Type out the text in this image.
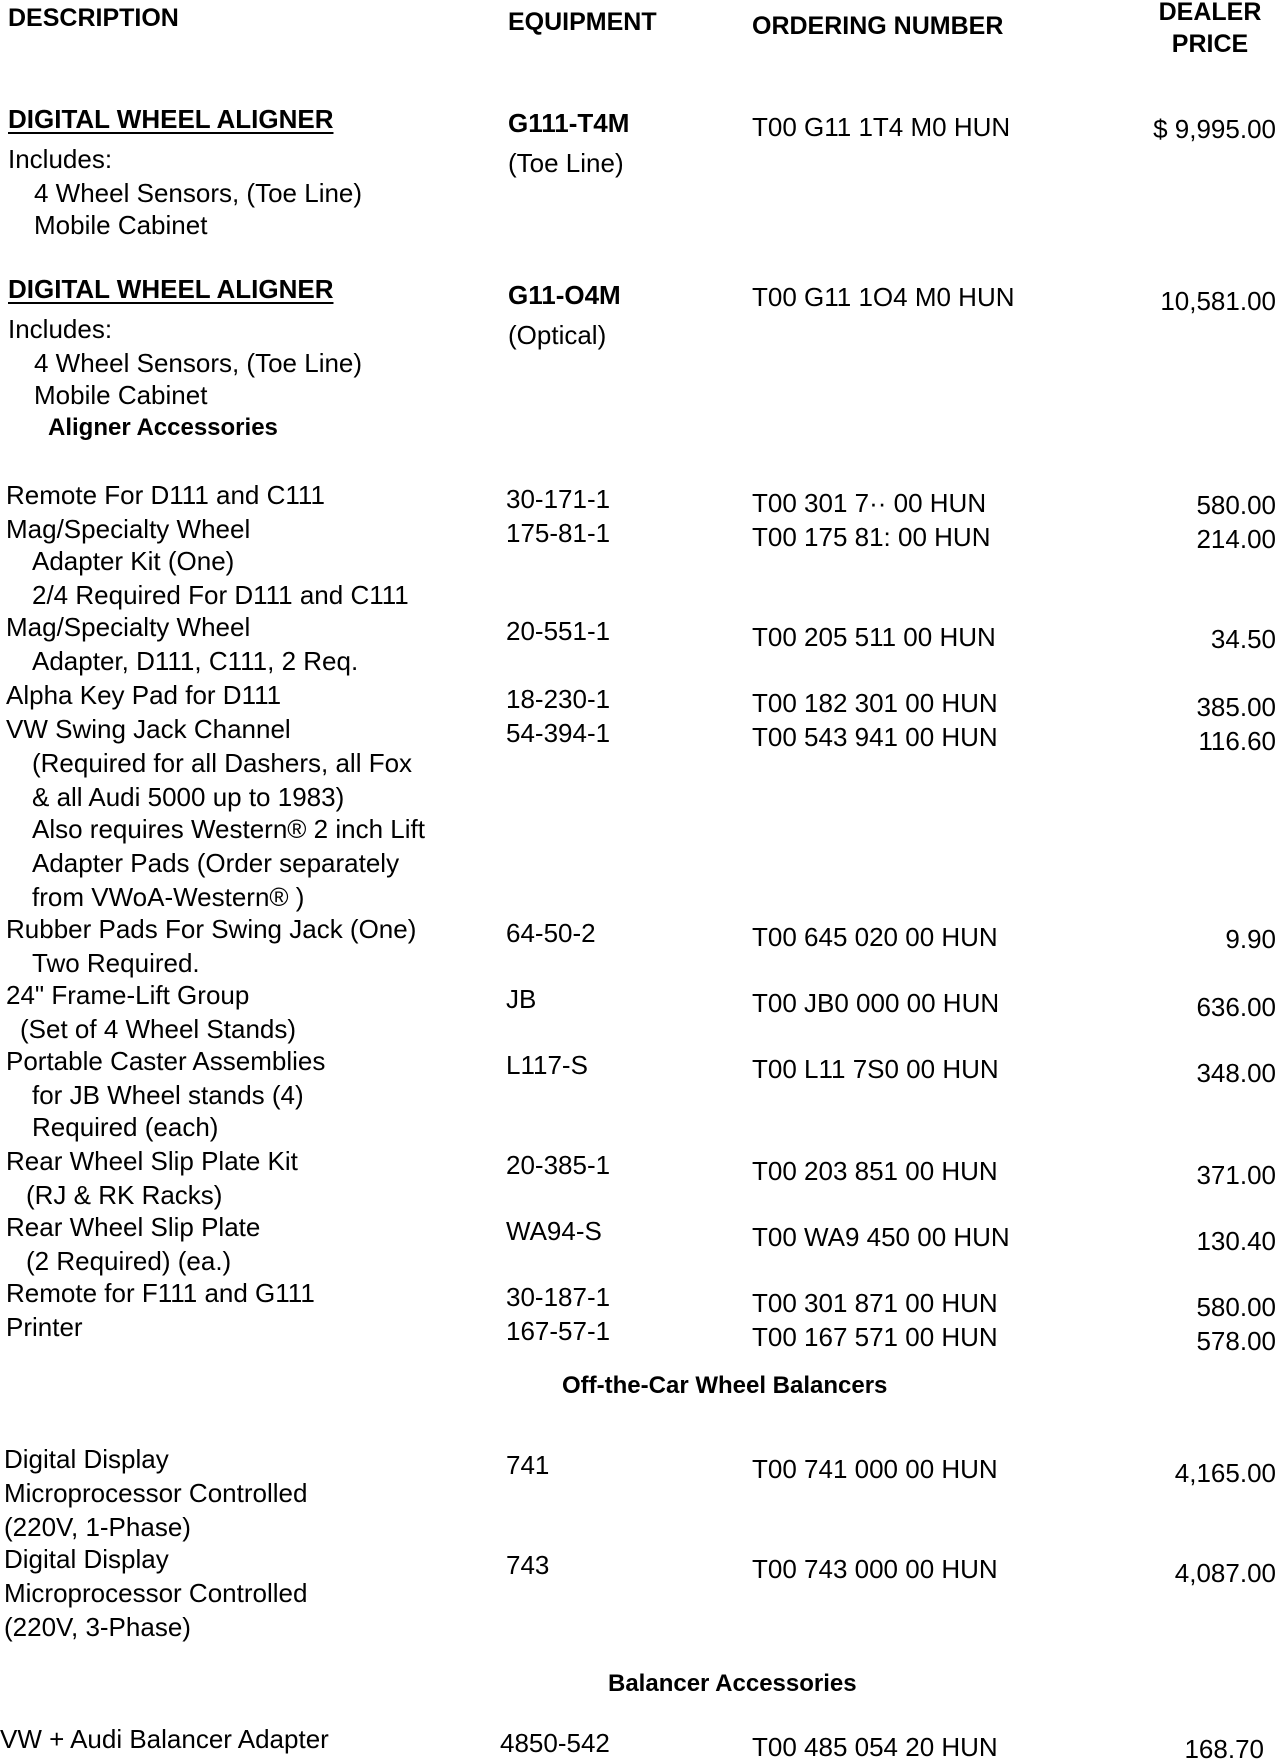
DESCRIPTION	EQUIPMENT	ORDERING NUMBER	DEALER
PRICE
DIGITAL WHEEL ALIGNER	G111-T4M	T00 G11 1T4 M0 HUN	$ 9,995.00
Includes:	(Toe Line)
4 Wheel Sensors, (Toe Line)
Mobile Cabinet
DIGITAL WHEEL ALIGNER	G11-O4M	T00 G11 1O4 M0 HUN	10,581.00
Includes:	(Optical)
4 Wheel Sensors, (Toe Line)
Mobile Cabinet
Aligner Accessories
Remote For D111 and C111	30-171-1	T00 301 7·· 00 HUN	580.00
Mag/Specialty Wheel	175-81-1	T00 175 81: 00 HUN	214.00
Adapter Kit (One)
2/4 Required For D111 and C111
Mag/Specialty Wheel	20-551-1	T00 205 511 00 HUN	34.50
Adapter, D111, C111, 2 Req.
Alpha Key Pad for D111	18-230-1	T00 182 301 00 HUN	385.00
VW Swing Jack Channel	54-394-1	T00 543 941 00 HUN	116.60
(Required for all Dashers, all Fox
& all Audi 5000 up to 1983)
Also requires Western® 2 inch Lift
Adapter Pads (Order separately
from VWoA-Western® )
Rubber Pads For Swing Jack (One)	64-50-2	T00 645 020 00 HUN	9.90
Two Required.
24" Frame-Lift Group	JB	T00 JB0 000 00 HUN	636.00
(Set of 4 Wheel Stands)
Portable Caster Assemblies	L117-S	T00 L11 7S0 00 HUN	348.00
for JB Wheel stands (4)
Required (each)
Rear Wheel Slip Plate Kit	20-385-1	T00 203 851 00 HUN	371.00
(RJ & RK Racks)
Rear Wheel Slip Plate	WA94-S	T00 WA9 450 00 HUN	130.40
(2 Required) (ea.)
Remote for F111 and G111	30-187-1	T00 301 871 00 HUN	580.00
Printer	167-57-1	T00 167 571 00 HUN	578.00
Off-the-Car Wheel Balancers
Digital Display	741	T00 741 000 00 HUN	4,165.00
Microprocessor Controlled
(220V, 1-Phase)
Digital Display	743	T00 743 000 00 HUN	4,087.00
Microprocessor Controlled
(220V, 3-Phase)
Balancer Accessories
VW + Audi Balancer Adapter	4850-542	T00 485 054 20 HUN	168.70
